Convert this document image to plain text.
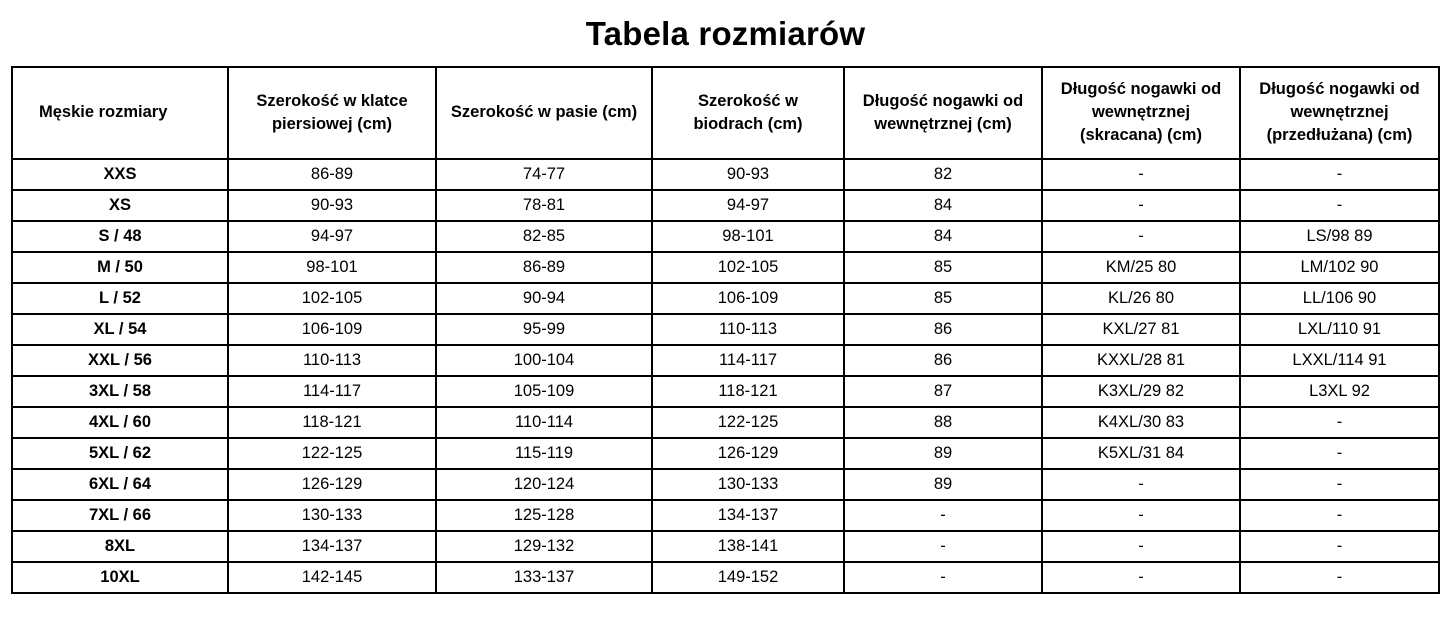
Tabela rozmiarów
Męskie rozmiary	Szerokość w klatce piersiowej (cm)	Szerokość w pasie (cm)	Szerokość w biodrach (cm)	Długość nogawki od wewnętrznej (cm)	Długość nogawki od wewnętrznej (skracana) (cm)	Długość nogawki od wewnętrznej (przedłużana) (cm)
XXS	86-89	74-77	90-93	82	-	-
XS	90-93	78-81	94-97	84	-	-
S / 48	94-97	82-85	98-101	84	-	LS/98 89
M / 50	98-101	86-89	102-105	85	KM/25 80	LM/102 90
L / 52	102-105	90-94	106-109	85	KL/26 80	LL/106 90
XL / 54	106-109	95-99	110-113	86	KXL/27 81	LXL/110 91
XXL / 56	110-113	100-104	114-117	86	KXXL/28 81	LXXL/114 91
3XL / 58	114-117	105-109	118-121	87	K3XL/29 82	L3XL 92
4XL / 60	118-121	110-114	122-125	88	K4XL/30 83	-
5XL / 62	122-125	115-119	126-129	89	K5XL/31 84	-
6XL / 64	126-129	120-124	130-133	89	-	-
7XL / 66	130-133	125-128	134-137	-	-	-
8XL	134-137	129-132	138-141	-	-	-
10XL	142-145	133-137	149-152	-	-	-
